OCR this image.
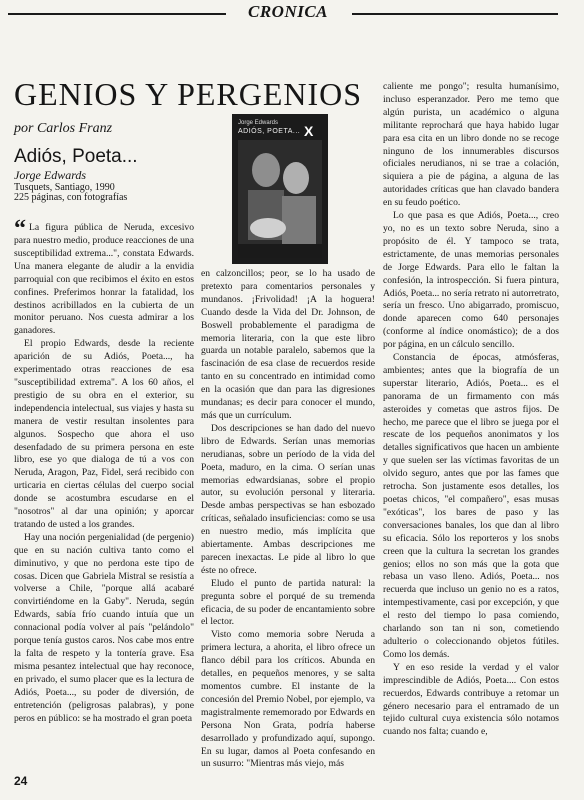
CRONICA
GENIOS Y PERGENIOS
por Carlos Franz
Adiós, Poeta...
Jorge Edwards
Tusquets, Santiago, 1990
225 páginas, con fotografías
Jorge Edwards
ADIÓS, POETA... X

“ La figura pública de Neruda, excesivo para nuestro medio, produce reacciones de una susceptibilidad extrema...", constata Edwards. Una manera elegante de aludir a la envidia parroquial con que recibimos el éxito en estos confines. Preferimos honrar la fatalidad, los destinos acribillados en la cubierta de un monitor peruano. Nos cuesta admirar a los ganadores.

El propio Edwards, desde la reciente aparición de su Adiós, Poeta..., ha experimentado otras reacciones de esa "susceptibilidad extrema". A los 60 años, el prestigio de su obra en el exterior, su independencia intelectual, sus viajes y hasta su manera de vestir resultan insolentes para algunos. Sospecho que ahora el uso desenfadado de su primera persona en este libro, ese yo que dialoga de tú a vos con Neruda, Aragon, Paz, Fidel, será recibido con urticaria en ciertas células del cuerpo social donde se acostumbra escudarse en el "nosotros" al dar una opinión; y aporcar tratando de usted a los grandes.

Hay una noción pergenialidad (de pergenio) que en su nación cultiva tanto como el diminutivo, y que no perdona este tipo de cosas. Dicen que Gabriela Mistral se resistía a volverse a Chile, "porque allá acabaré convirtiéndome en la Gaby". Neruda, según Edwards, sabía frío cuando intuía que un connacional podía volver al país "pelándolo" porque tenía gustos caros. Nos cabe mos entre la falta de respeto y la tontería grave. Esa misma pesantez intelectual que hay reconoce, en privado, el sumo placer que es la lectura de Adiós, Poeta..., su poder de diversión, de entretención (peligrosas palabras), y pone peros en público: se ha mostrado el gran poeta

en calzoncillos; peor, se lo ha usado de pretexto para comentarios personales y mundanos. ¡Frivolidad! ¡A la hoguera! Cuando desde la Vida del Dr. Johnson, de Boswell probablemente el paradigma de memoria literaria, con la que este libro guarda un notable paralelo, sabemos que la fascinación de esa clase de recuerdos reside tanto en su concentrado en intimidad como en la ocasión que dan para las digresiones mundanas; es decir para conocer el mundo, más que un currículum.

Dos descripciones se han dado del nuevo libro de Edwards. Serían unas memorias nerudianas, sobre un período de la vida del Poeta, maduro, en la cima. O serían unas memorias edwardsianas, sobre el propio autor, su evolución personal y literaria. Desde ambas perspectivas se han esbozado críticas, señalado insuficiencias: como se usa en nuestro medio, más implícita que abiertamente. Ambas descripciones me parecen inexactas. Le pide al libro lo que éste no ofrece.

Eludo el punto de partida natural: la pregunta sobre el porqué de su tremenda eficacia, de su poder de encantamiento sobre el lector.

Visto como memoria sobre Neruda a primera lectura, a ahorita, el libro ofrece un flanco débil para los críticos. Abunda en detalles, en pequeños menores, y se salta momentos cumbre. El instante de la concesión del Premio Nobel, por ejemplo, va magistralmente rememorado por Edwards en Persona Non Grata, podría haberse desarrollado y profundizado aquí, supongo. En su lugar, damos al Poeta confesando en un susurro: "Mientras más viejo, más

caliente me pongo"; resulta humanísimo, incluso esperanzador. Pero me temo que algún purista, un académico o alguna militante reprochará que haya habido lugar para esa cita en un libro donde no se recoge ninguno de los innumerables discursos oficiales nerudianos, ni se trae a colación, siquiera a pie de página, a alguna de las autoridades críticas que han clavado bandera en su feudo poético.

Lo que pasa es que Adiós, Poeta..., creo yo, no es un texto sobre Neruda, sino a propósito de él. Y tampoco se trata, estrictamente, de unas memorias personales de Jorge Edwards. Para ello le faltan la confesión, la introspección. Si fuera pintura, Adiós, Poeta... no sería retrato ni autorretrato, sería un fresco. Uno abigarrado, promiscuo, donde aparecen como 640 personajes (conforme al índice onomástico); de a dos por página, en un cálculo sencillo.

Constancia de épocas, atmósferas, ambientes; antes que la biografía de un superstar literario, Adiós, Poeta... es el panorama de un firmamento con más asteroides y cometas que astros fijos. De hecho, me parece que el libro se juega por el rescate de los pequeños anonimatos y los detalles significativos que hacen un ambiente y que suelen ser las víctimas favoritas de un olvido seguro, antes que por las fames que retrocha. Son justamente esos detalles, los poetas chicos, "el compañero", esas musas "exóticas", los bares de paso y las conversaciones banales, los que dan al libro su eficacia. Sólo los reporteros y los snobs creen que la cultura la secretan los grandes genios; ellos no son más que la gota que rebasa un vaso lleno. Adiós, Poeta... nos recuerda que incluso un genio no es a ratos, intempestivamente, casi por excepción, y que el resto del tiempo lo pasa comiendo, charlando son tan ni son, cometiendo adulterio o coleccionando objetos fútiles. Como los demás.

Y en eso reside la verdad y el valor imprescindible de Adiós, Poeta.... Con estos recuerdos, Edwards contribuye a retomar un género necesario para el entramado de un tejido cultural cuya existencia sólo notamos cuando nos falta; cuando e,

24
